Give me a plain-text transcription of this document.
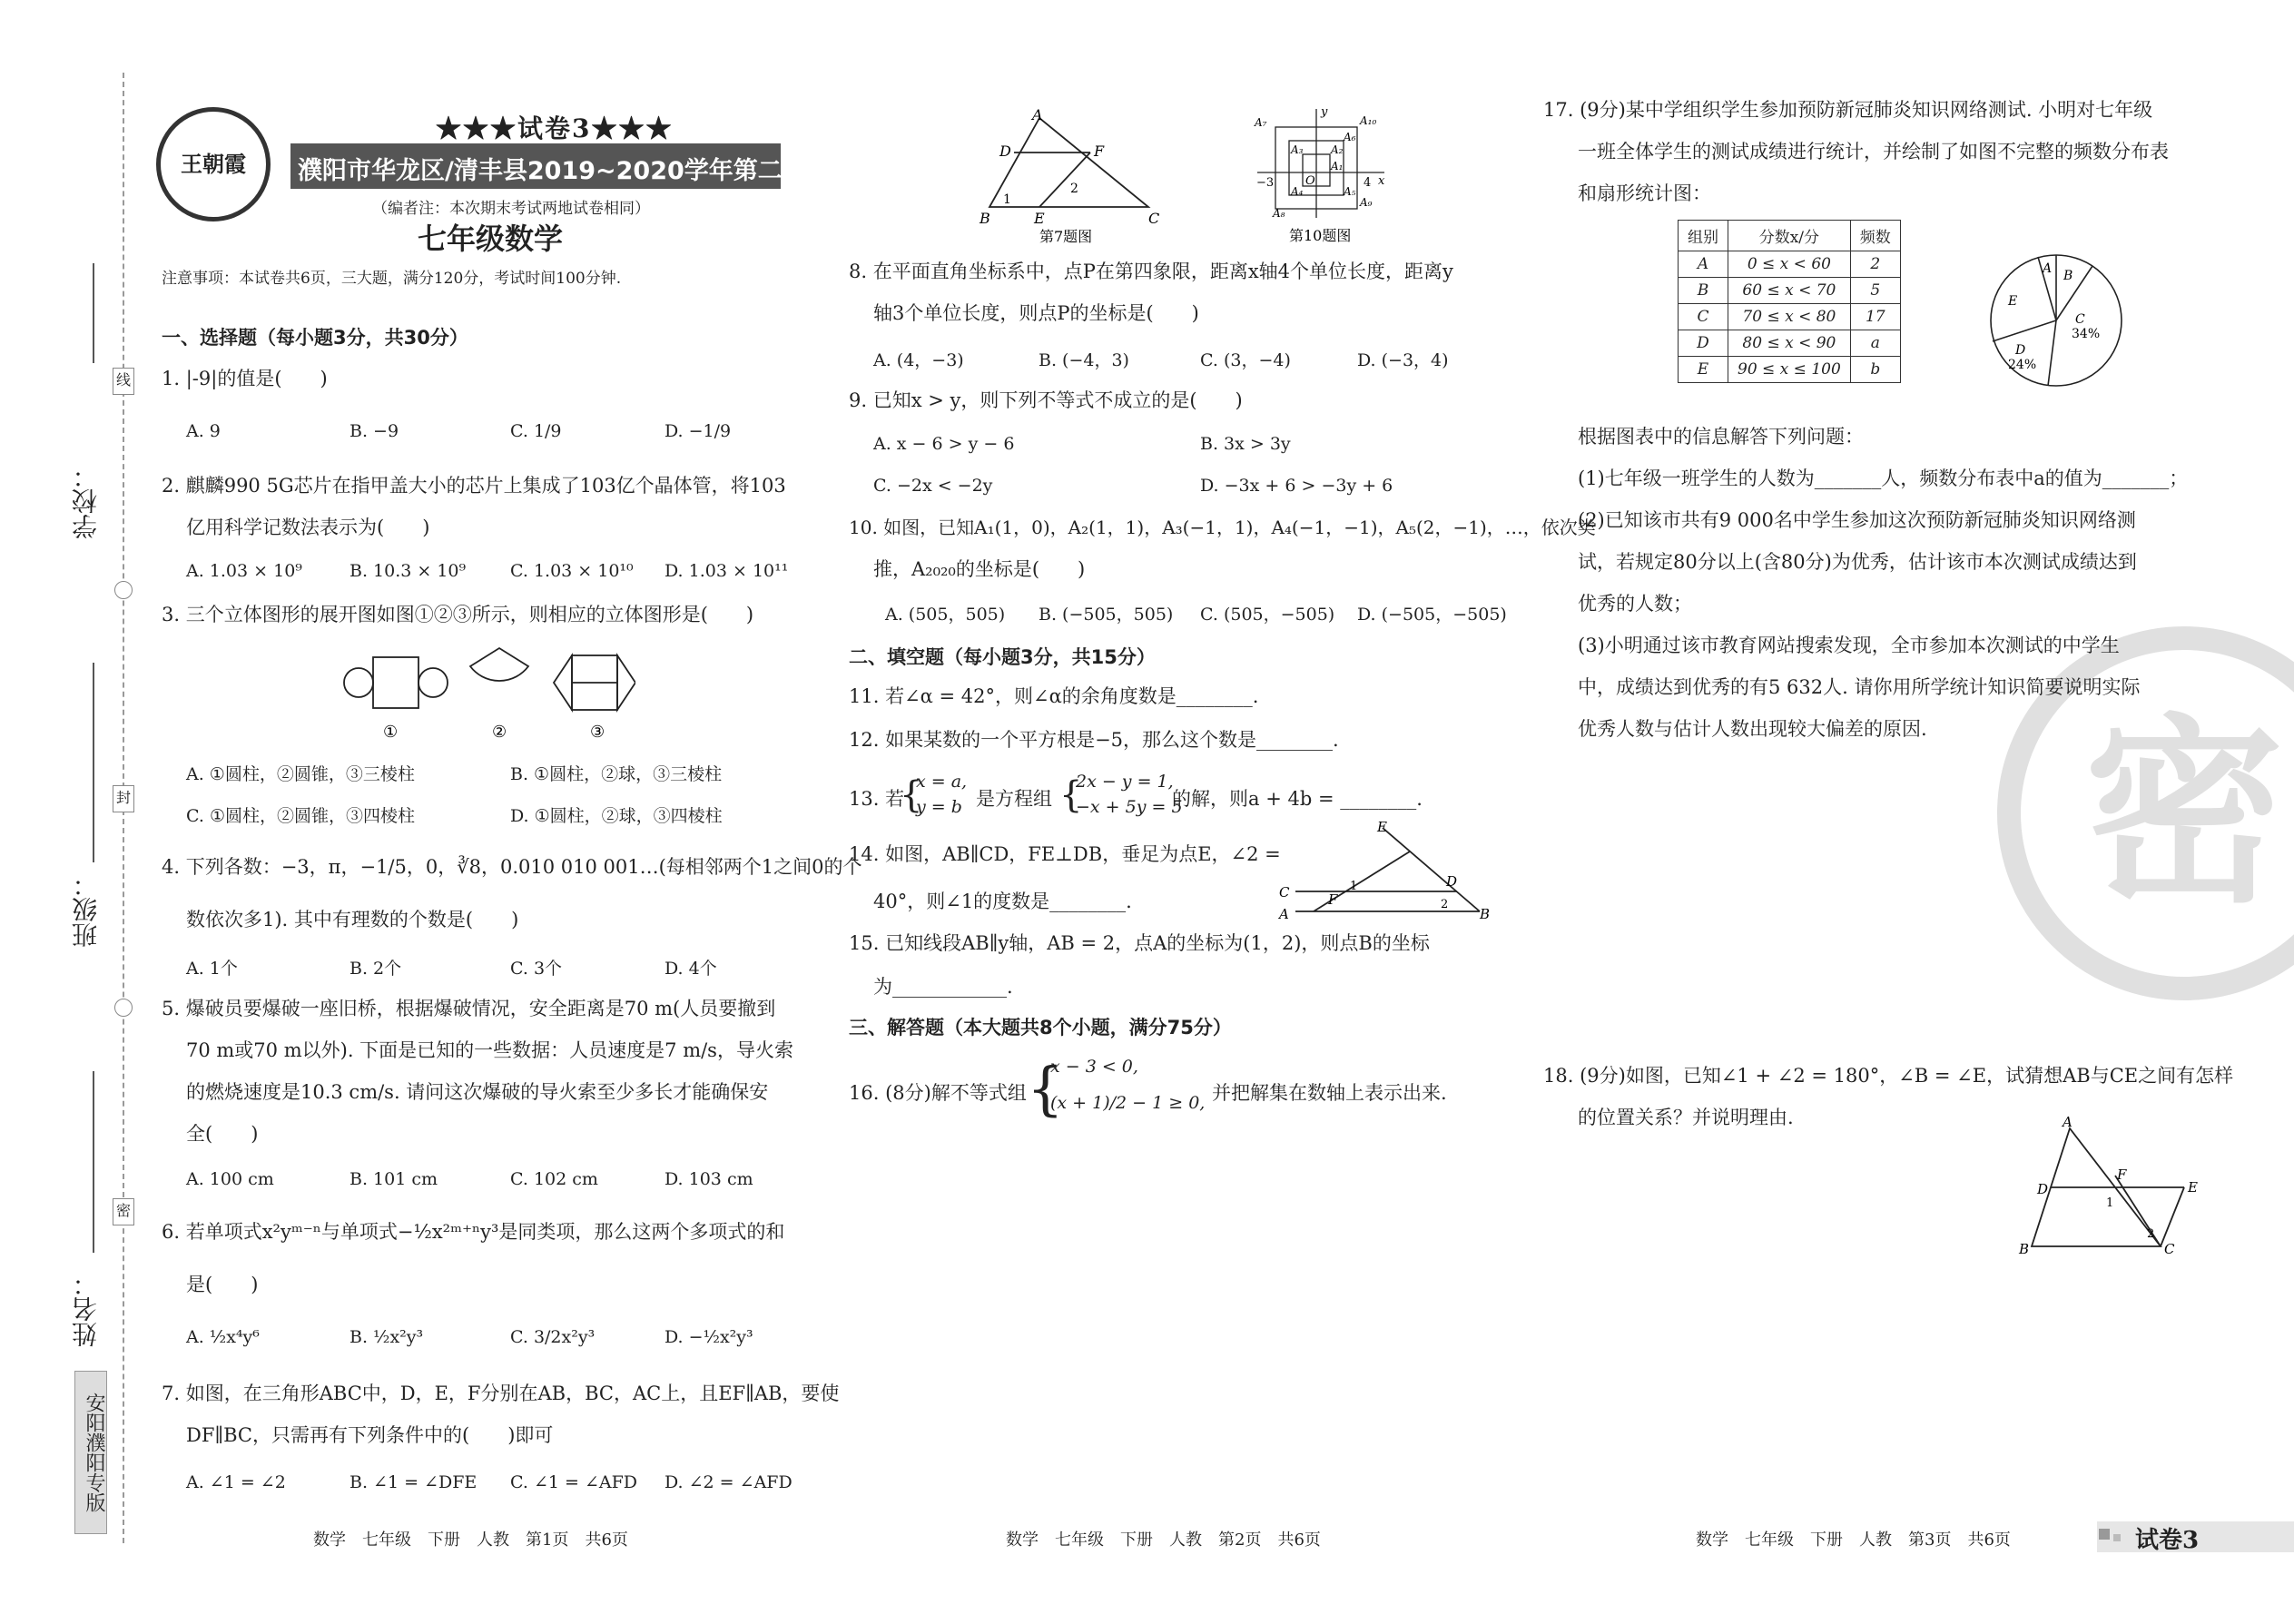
学校：
班级：
姓名：
线
封
密
安阳濮阳专版
王朝霞
★★★试卷3★★★
濮阳市华龙区/清丰县2019~2020学年第二学期期末考试
（编者注：本次期末考试两地试卷相同）
七年级数学
注意事项：本试卷共6页，三大题，满分120分，考试时间100分钟.
一、选择题（每小题3分，共30分）
1. |-9|的值是(　　)
A. 9	B. −9	C. 1/9	D. −1/9
2. 麒麟990 5G芯片在指甲盖大小的芯片上集成了103亿个晶体管，将103
亿用科学记数法表示为(　　)
A. 1.03 × 10⁹	B. 10.3 × 10⁹	C. 1.03 × 10¹⁰ D. 1.03 × 10¹¹
3. 三个立体图形的展开图如图①②③所示，则相应的立体图形是(　　)
①	②	③
A. ①圆柱，②圆锥，③三棱柱	B. ①圆柱，②球，③三棱柱
C. ①圆柱，②圆锥，③四棱柱	D. ①圆柱，②球，③四棱柱
4. 下列各数：−3，π，−1/5，0，∛8，0.010 010 001…(每相邻两个1之间0的个
数依次多1). 其中有理数的个数是(　　)
A. 1个	B. 2个	C. 3个	D. 4个
5. 爆破员要爆破一座旧桥，根据爆破情况，安全距离是70 m(人员要撤到
70 m或70 m以外). 下面是已知的一些数据：人员速度是7 m/s，导火索
的燃烧速度是10.3 cm/s. 请问这次爆破的导火索至少多长才能确保安
全(　　)
A. 100 cm	B. 101 cm	C. 102 cm	D. 103 cm
6. 若单项式x²yᵐ⁻ⁿ与单项式−½x²ᵐ⁺ⁿy³是同类项，那么这两个多项式的和
是(　　)
A. ½x⁴y⁶	B. ½x²y³	C. 3/2x²y³	D. −½x²y³
7. 如图，在三角形ABC中，D，E，F分别在AB，BC，AC上，且EF∥AB，要使
DF∥BC，只需再有下列条件中的(　　)即可
A. ∠1 = ∠2	B. ∠1 = ∠DFE C. ∠1 = ∠AFD D. ∠2 = ∠AFD
数学　七年级　下册　人教　第1页　共6页
A
D	F
B	E	C
1
2
第7题图
y
x
O
−3	4
A₁₀
A₉
A₇
A₈
A₆
A₂
A₁
A₃
A₄	A₅
第10题图
8. 在平面直角坐标系中，点P在第四象限，距离x轴4个单位长度，距离y
轴3个单位长度，则点P的坐标是(　　)
A. (4，−3)	B. (−4，3)	C. (3，−4)	D. (−3，4)
9. 已知x > y，则下列不等式不成立的是(　　)
A. x − 6 > y − 6	B. 3x > 3y
C. −2x < −2y	D. −3x + 6 > −3y + 6
10. 如图，已知A₁(1，0)，A₂(1，1)，A₃(−1，1)，A₄(−1，−1)，A₅(2，−1)，…，依次类
推，A₂₀₂₀的坐标是(　　)
A. (505，505) B. (−505，505) C. (505，−505) D. (−505，−505)
二、填空题（每小题3分，共15分）
11. 若∠α = 42°，则∠α的余角度数是________.
12. 如果某数的一个平方根是−5，那么这个数是________.
13. 若
{
x = a,
y = b 是方程组 {
2x − y = 1,
−x + 5y = 5
的解，则a + 4b = ________.
14. 如图，AB∥CD，FE⊥DB，垂足为点E，∠2 =
40°，则∠1的度数是________.
E
C
A
F
D
B
1
2
15. 已知线段AB∥y轴，AB = 2，点A的坐标为(1，2)，则点B的坐标
为____________.
三、解答题（本大题共8个小题，满分75分）
16. (8分)解不等式组 {
x − 3 < 0,
(x + 1)/2 − 1 ≥ 0, 并把解集在数轴上表示出来.
数学　七年级　下册　人教　第2页　共6页
密
17. (9分)某中学组织学生参加预防新冠肺炎知识网络测试. 小明对七年级
一班全体学生的测试成绩进行统计，并绘制了如图不完整的频数分布表
和扇形统计图：
组别	分数x/分	频数
A	0 ≤ x < 60	2
B	60 ≤ x < 70	5
C	70 ≤ x < 80	17
D	80 ≤ x < 90	a
E	90 ≤ x ≤ 100	b
A B
C
34%
D
24%
E
根据图表中的信息解答下列问题：
(1)七年级一班学生的人数为_______人，频数分布表中a的值为_______；
(2)已知该市共有9 000名中学生参加这次预防新冠肺炎知识网络测
试，若规定80分以上(含80分)为优秀，估计该市本次测试成绩达到
优秀的人数；
(3)小明通过该市教育网站搜索发现，全市参加本次测试的中学生
中，成绩达到优秀的有5 632人. 请你用所学统计知识简要说明实际
优秀人数与估计人数出现较大偏差的原因.
18. (9分)如图，已知∠1 + ∠2 = 180°，∠B = ∠E，试猜想AB与CE之间有怎样
的位置关系？并说明理由.	A
D
F
E
B	C
1
2
数学　七年级　下册　人教　第3页　共6页	试卷3
